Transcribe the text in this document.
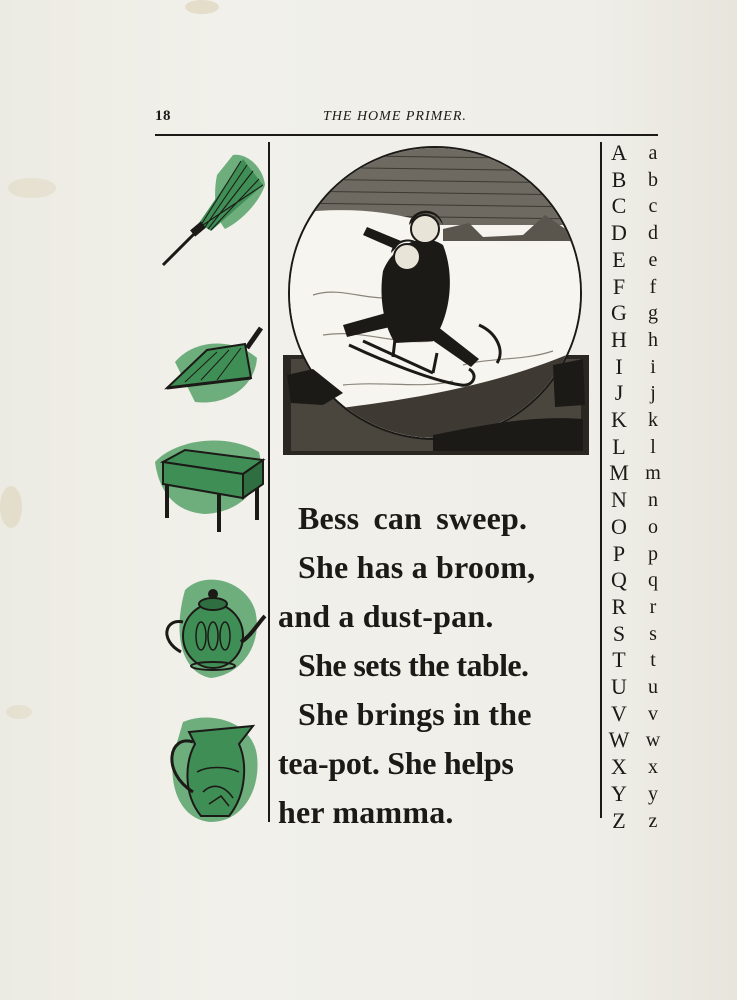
18	THE HOME PRIMER.
Bess can sweep.
She has a broom,
and a dust-pan.
She sets the table.
She brings in the
tea-pot. She helps
her mamma.
A
B
C
D
E
F
G
H
I
J
K
L
M
N
O
P
Q
R
S
T
U
V
W
X
Y
Z
a
b
c
d
e
f
g
h
i
j
k
l
m
n
o
p
q
r
s
t
u
v
w
x
y
z
